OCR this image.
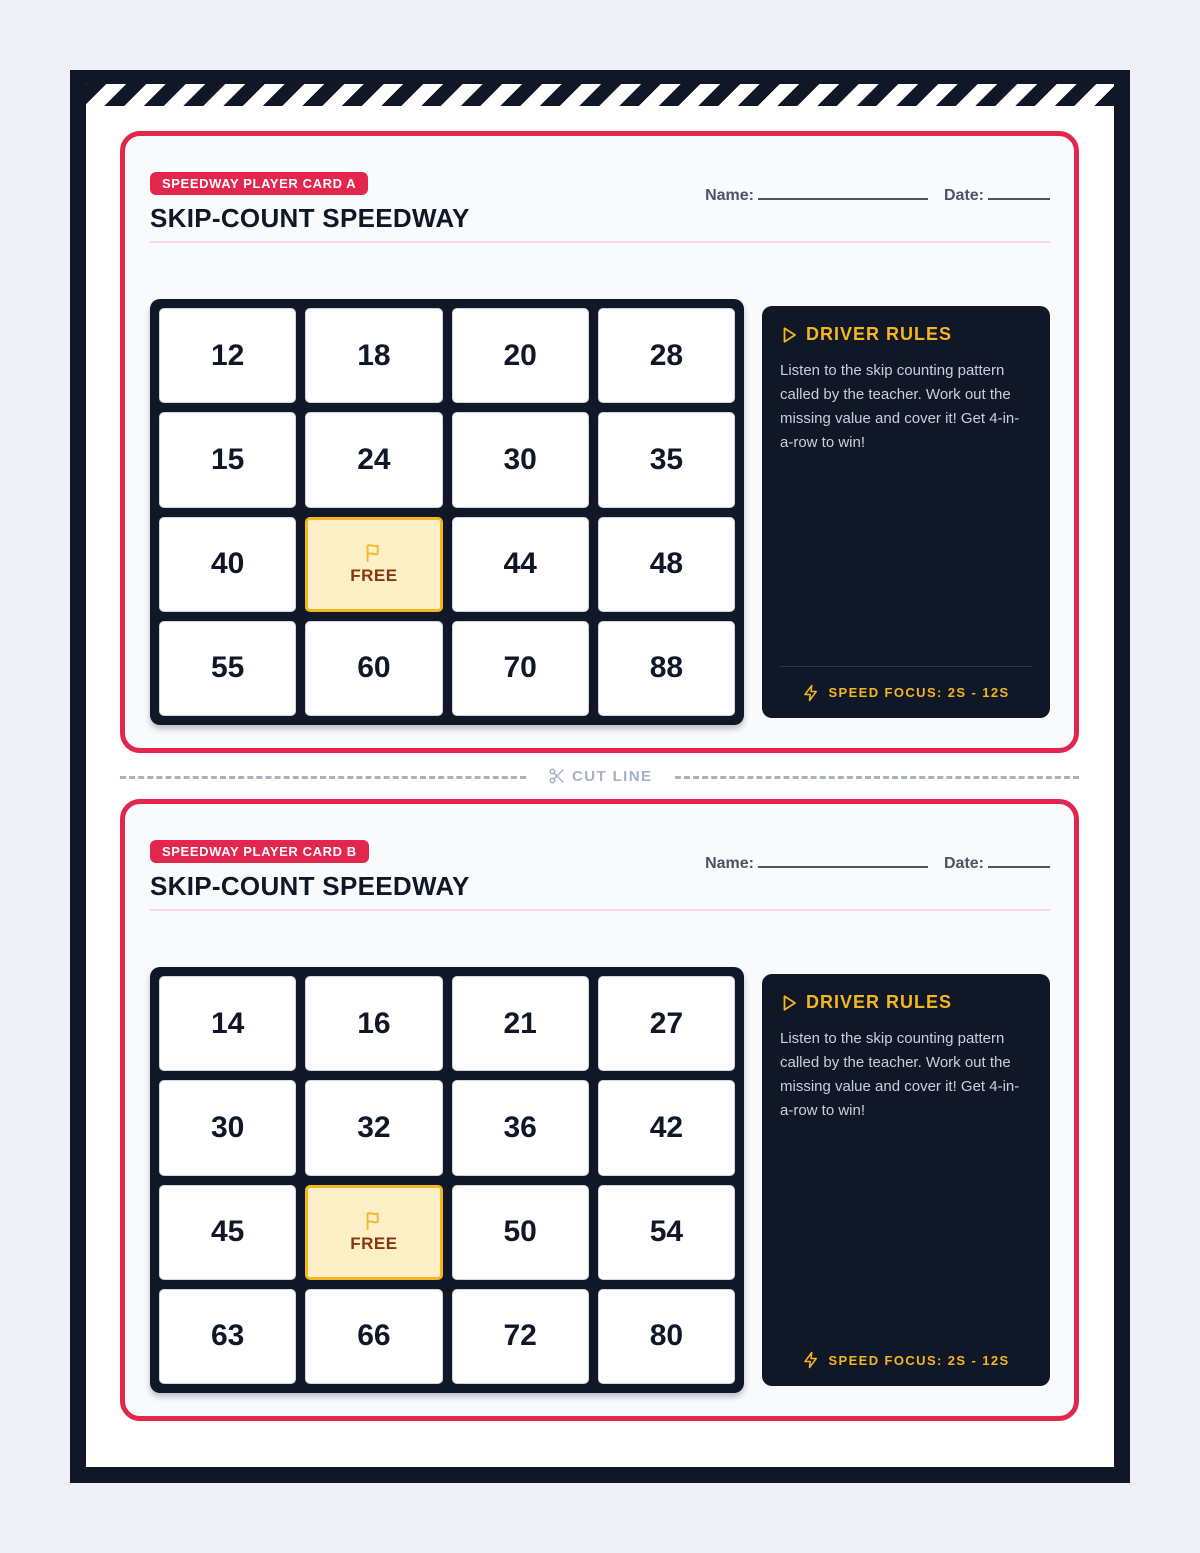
SPEEDWAY PLAYER CARD A
SKIP-COUNT SPEEDWAY
Name:	Date:
12	18	20	28
15	24	30	35
40	FREE	44	48
55	60	70	88
DRIVER RULES
Listen to the skip counting pattern called by the teacher. Work out the missing value and cover it! Get 4-in-a-row to win!
SPEED FOCUS: 2S - 12S
CUT LINE
SPEEDWAY PLAYER CARD B
SKIP-COUNT SPEEDWAY
Name:	Date:
14	16	21	27
30	32	36	42
45	FREE	50	54
63	66	72	80
DRIVER RULES
Listen to the skip counting pattern called by the teacher. Work out the missing value and cover it! Get 4-in-a-row to win!
SPEED FOCUS: 2S - 12S
